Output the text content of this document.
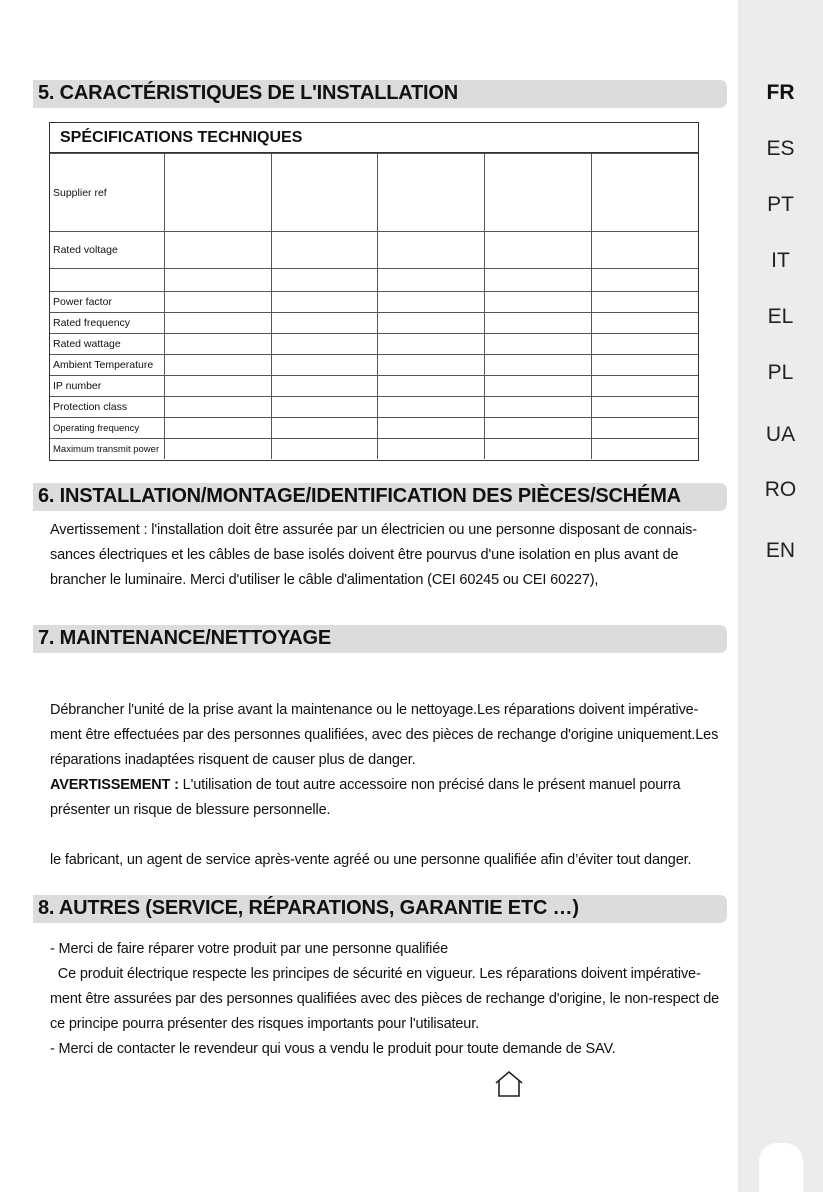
FR
ES
PT
IT
EL
PL
UA
RO
EN
5. CARACTÉRISTIQUES DE L'INSTALLATION
SPÉCIFICATIONS TECHNIQUES
Supplier ref					
Rated voltage					

Power factor					
Rated frequency					
Rated wattage					
Ambient Temperature					
IP number					
Protection class					
Operating frequency					
Maximum transmit power					
6. INSTALLATION/MONTAGE/IDENTIFICATION DES PIÈCES/SCHÉMA
Avertissement : l'installation doit être assurée par un électricien ou une personne disposant de connais-
sances électriques et les câbles de base isolés doivent être pourvus d'une isolation en plus avant de
brancher le luminaire. Merci d'utiliser le câble d'alimentation (CEI 60245 ou CEI 60227),
7. MAINTENANCE/NETTOYAGE
Débrancher l'unité de la prise avant la maintenance ou le nettoyage.Les réparations doivent impérative-
ment être effectuées par des personnes qualifiées, avec des pièces de rechange d'origine uniquement.Les
réparations inadaptées risquent de causer plus de danger.
AVERTISSEMENT : L'utilisation de tout autre accessoire non précisé dans le présent manuel pourra
présenter un risque de blessure personnelle.
le fabricant, un agent de service après-vente agréé ou une personne qualifiée afin d’éviter tout danger.
8. AUTRES (SERVICE, RÉPARATIONS, GARANTIE ETC …)
- Merci de faire réparer votre produit par une personne qualifiée
Ce produit électrique respecte les principes de sécurité en vigueur. Les réparations doivent impérative-
ment être assurées par des personnes qualifiées avec des pièces de rechange d'origine, le non-respect de
ce principe pourra présenter des risques importants pour l'utilisateur.
- Merci de contacter le revendeur qui vous a vendu le produit pour toute demande de SAV.
